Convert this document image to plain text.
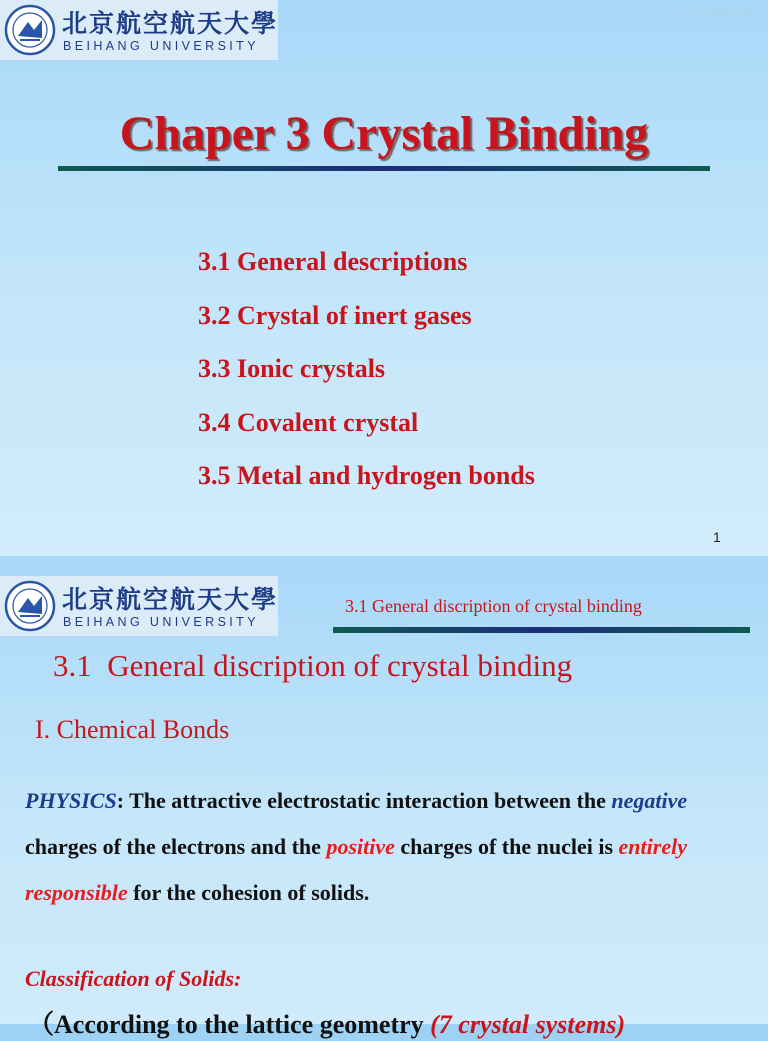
北京航空航天大學
BEIHANG UNIVERSITY
物理学院 物理系 沈颖
Chaper 3 Crystal Binding
3.1 General descriptions
3.2 Crystal of inert gases
3.3 Ionic crystals
3.4 Covalent crystal
3.5 Metal and hydrogen bonds
1
北京航空航天大學
BEIHANG UNIVERSITY
3.1 General discription of crystal binding
3.1 General discription of crystal binding
I. Chemical Bonds
PHYSICS: The attractive electrostatic interaction between the negative charges of the electrons and the positive charges of the nuclei is entirely responsible for the cohesion of solids.
Classification of Solids:
（According to the lattice geometry (7 crystal systems)
